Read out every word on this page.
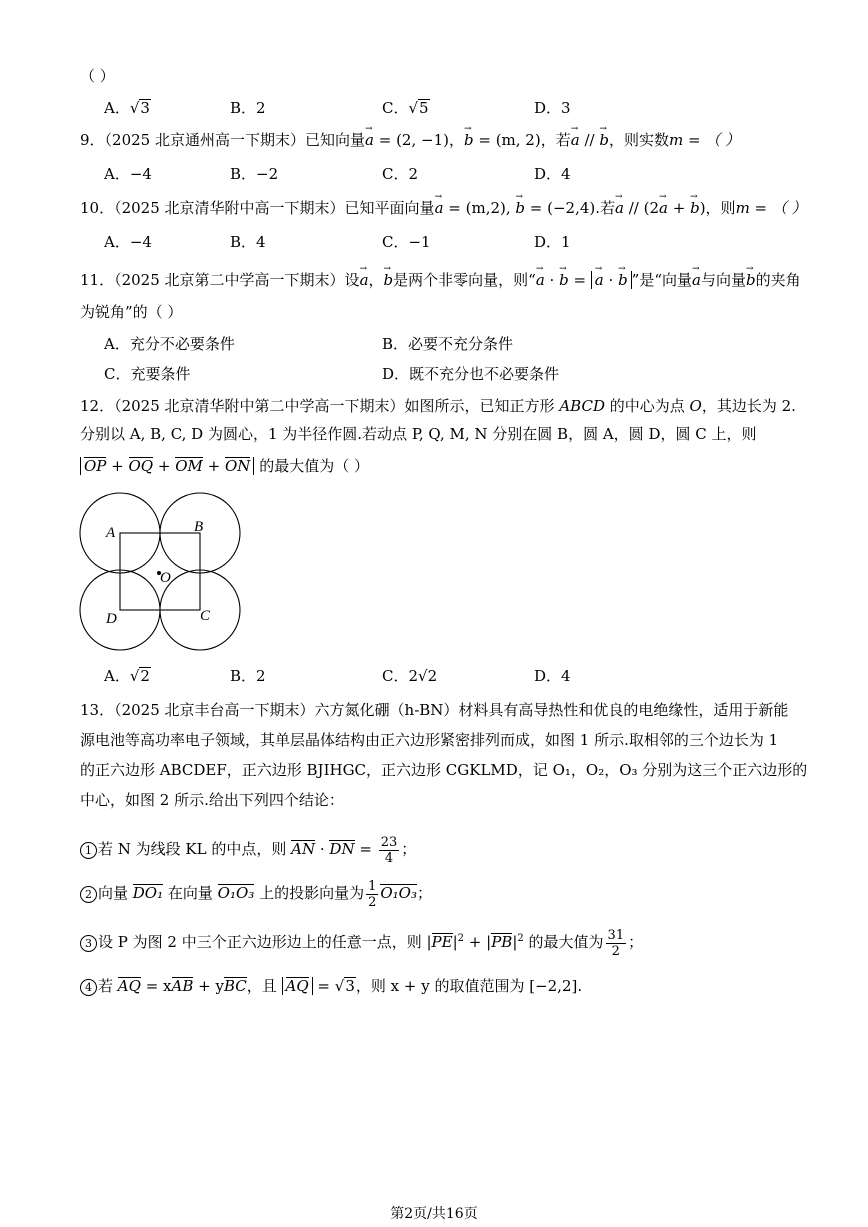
（ ）
A．√3	B．2	C．√5	D．3
9．（2025 北京通州高一下期末）已知向量→ a = (2, −1)，→ b = (m, 2)，若→ a // → b，则实数m = （ ）
A．−4	B．−2	C．2	D．4
10．（2025 北京清华附中高一下期末）已知平面向量→ a = (m,2), → b = (−2,4).若→ a // (2→ a + → b)，则m = （ ）
A．−4	B．4	C．−1	D．1
11．（2025 北京第二中学高一下期末）设→ a，→ b是两个非零向量，则“→ a · → b = → a · → b ”是“向量→ a与向量→ b的夹角
为锐角”的（ ）
A．充分不必要条件	B．必要不充分条件
C．充要条件	D．既不充分也不必要条件
12．（2025 北京清华附中第二中学高一下期末）如图所示，已知正方形 ABCD 的中心为点 O，其边长为 2.
分别以 A, B, C, D 为圆心，1 为半径作圆.若动点 P, Q, M, N 分别在圆 B，圆 A，圆 D，圆 C 上，则
OP + OQ + OM + ON 的最大值为（ ）
A	B
C
D
O
A．√2	B．2	C．2√2	D．4
13．（2025 北京丰台高一下期末）六方氮化硼（h-BN）材料具有高导热性和优良的电绝缘性，适用于新能
源电池等高功率电子领域，其单层晶体结构由正六边形紧密排列而成，如图 1 所示.取相邻的三个边长为 1
的正六边形 ABCDEF，正六边形 BJIHGC，正六边形 CGKLMD，记 O₁，O₂，O₃ 分别为这三个正六边形的
中心，如图 2 所示.给出下列四个结论：
1 若 N 为线段 KL 的中点，则 AN · DN = $\frac{23}{4}$ ；
2 向量 DO₁ 在向量 O₁O₃ 上的投影向量为 $\frac{1}{2} O_1O_3$；
3 设 P 为图 2 中三个正六边形边上的任意一点，则 $|PE|^2 + |PB|^2$ 的最大值为 $\frac{31}{2}$ ；
4 若 AQ = xAB + yBC，且 AQ = √3，则 x + y 的取值范围为 [−2,2].
第2页/共16页
